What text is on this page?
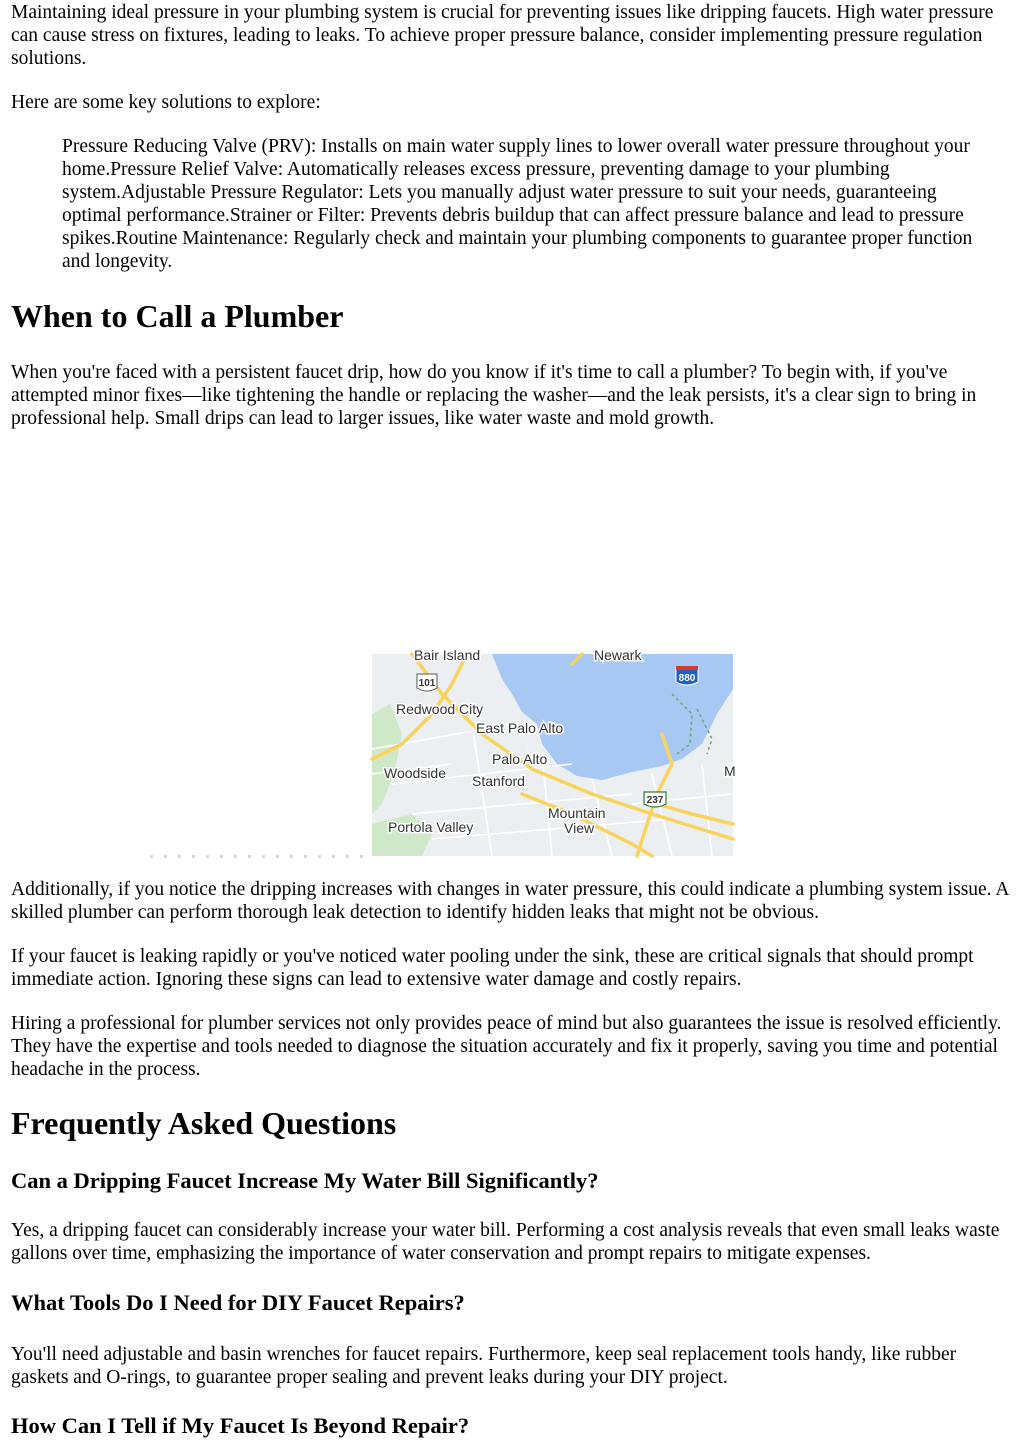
Maintaining ideal pressure in your plumbing system is crucial for preventing issues like dripping faucets. High water pressure can cause stress on fixtures, leading to leaks. To achieve proper pressure balance, consider implementing pressure regulation solutions.

Here are some key solutions to explore:

Pressure Reducing Valve (PRV): Installs on main water supply lines to lower overall water pressure throughout your home.Pressure Relief Valve: Automatically releases excess pressure, preventing damage to your plumbing system.Adjustable Pressure Regulator: Lets you manually adjust water pressure to suit your needs, guaranteeing optimal performance.Strainer or Filter: Prevents debris buildup that can affect pressure balance and lead to pressure spikes.Routine Maintenance: Regularly check and maintain your plumbing components to guarantee proper function and longevity.

When to Call a Plumber

When you're faced with a persistent faucet drip, how do you know if it's time to call a plumber? To begin with, if you've attempted minor fixes—like tightening the handle or replacing the washer—and the leak persists, it's a clear sign to bring in professional help. Small drips can lead to larger issues, like water waste and mold growth.

101	880
237
Bair Island	Newark
Redwood City
East Palo Alto
Palo Alto
Woodside Stanford
Mountain
View
Portola Valley
M

Additionally, if you notice the dripping increases with changes in water pressure, this could indicate a plumbing system issue. A skilled plumber can perform thorough leak detection to identify hidden leaks that might not be obvious.

If your faucet is leaking rapidly or you've noticed water pooling under the sink, these are critical signals that should prompt immediate action. Ignoring these signs can lead to extensive water damage and costly repairs.

Hiring a professional for plumber services not only provides peace of mind but also guarantees the issue is resolved efficiently. They have the expertise and tools needed to diagnose the situation accurately and fix it properly, saving you time and potential headache in the process.

Frequently Asked Questions
Can a Dripping Faucet Increase My Water Bill Significantly?

Yes, a dripping faucet can considerably increase your water bill. Performing a cost analysis reveals that even small leaks waste gallons over time, emphasizing the importance of water conservation and prompt repairs to mitigate expenses.

What Tools Do I Need for DIY Faucet Repairs?

You'll need adjustable and basin wrenches for faucet repairs. Furthermore, keep seal replacement tools handy, like rubber gaskets and O-rings, to guarantee proper sealing and prevent leaks during your DIY project.

How Can I Tell if My Faucet Is Beyond Repair?
